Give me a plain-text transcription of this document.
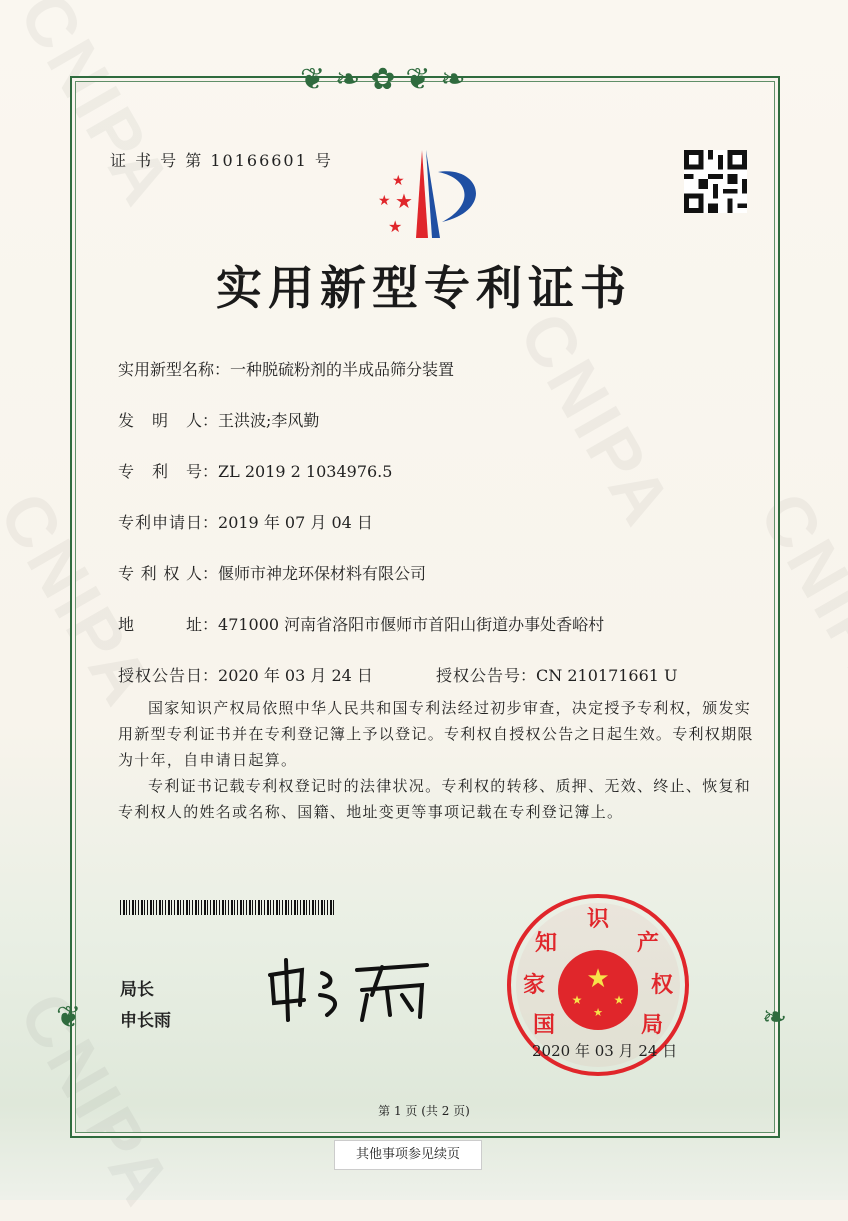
❦❧✿❦❧
❦	❧
证 书 号 第 10166601 号
★
★ ★
★
实用新型专利证书
实用新型名称：一种脱硫粉剂的半成品筛分装置
发明人：王洪波;李风勤
专利号：ZL 2019 2 1034976.5
专利申请日：2019 年 07 月 04 日
专利权人：偃师市神龙环保材料有限公司
地址：471000 河南省洛阳市偃师市首阳山街道办事处香峪村
授权公告日：2020 年 03 月 24 日	授权公告号：CN 210171661 U
国家知识产权局依照中华人民共和国专利法经过初步审查，决定授予专利权，颁发实用新型专利证书并在专利登记簿上予以登记。专利权自授权公告之日起生效。专利权期限为十年，自申请日起算。
专利证书记载专利权登记时的法律状况。专利权的转移、质押、无效、终止、恢复和专利权人的姓名或名称、国籍、地址变更等事项记载在专利登记簿上。
局长
申长雨
★
★	★
★
国
家
知
识
产
权
局
2020 年 03 月 24 日
第 1 页 (共 2 页)
其他事项参见续页
